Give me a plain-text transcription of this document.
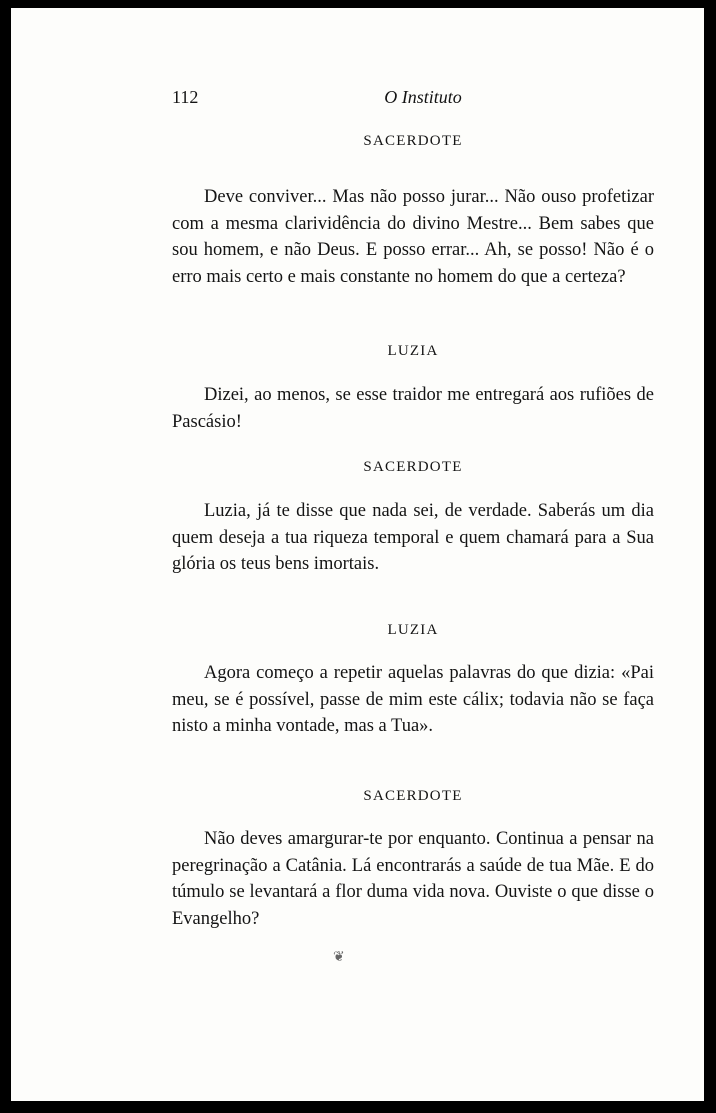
112	O Instituto
SACERDOTE

Deve conviver... Mas não posso jurar... Não ouso profetizar com a mesma clarividência do divino Mestre... Bem sabes que sou homem, e não Deus. E posso errar... Ah, se posso! Não é o erro mais certo e mais constante no homem do que a certeza?

LUZIA

Dizei, ao menos, se esse traidor me entregará aos rufiões de Pascásio!

SACERDOTE

Luzia, já te disse que nada sei, de verdade. Saberás um dia quem deseja a tua riqueza temporal e quem chamará para a Sua glória os teus bens imortais.

LUZIA

Agora começo a repetir aquelas palavras do que dizia: «Pai meu, se é possível, passe de mim este cálix; todavia não se faça nisto a minha vontade, mas a Tua».

SACERDOTE

Não deves amargurar-te por enquanto. Continua a pensar na peregrinação a Catânia. Lá encontrarás a saúde de tua Mãe. E do túmulo se levantará a flor duma vida nova. Ouviste o que disse o Evangelho?

❦
